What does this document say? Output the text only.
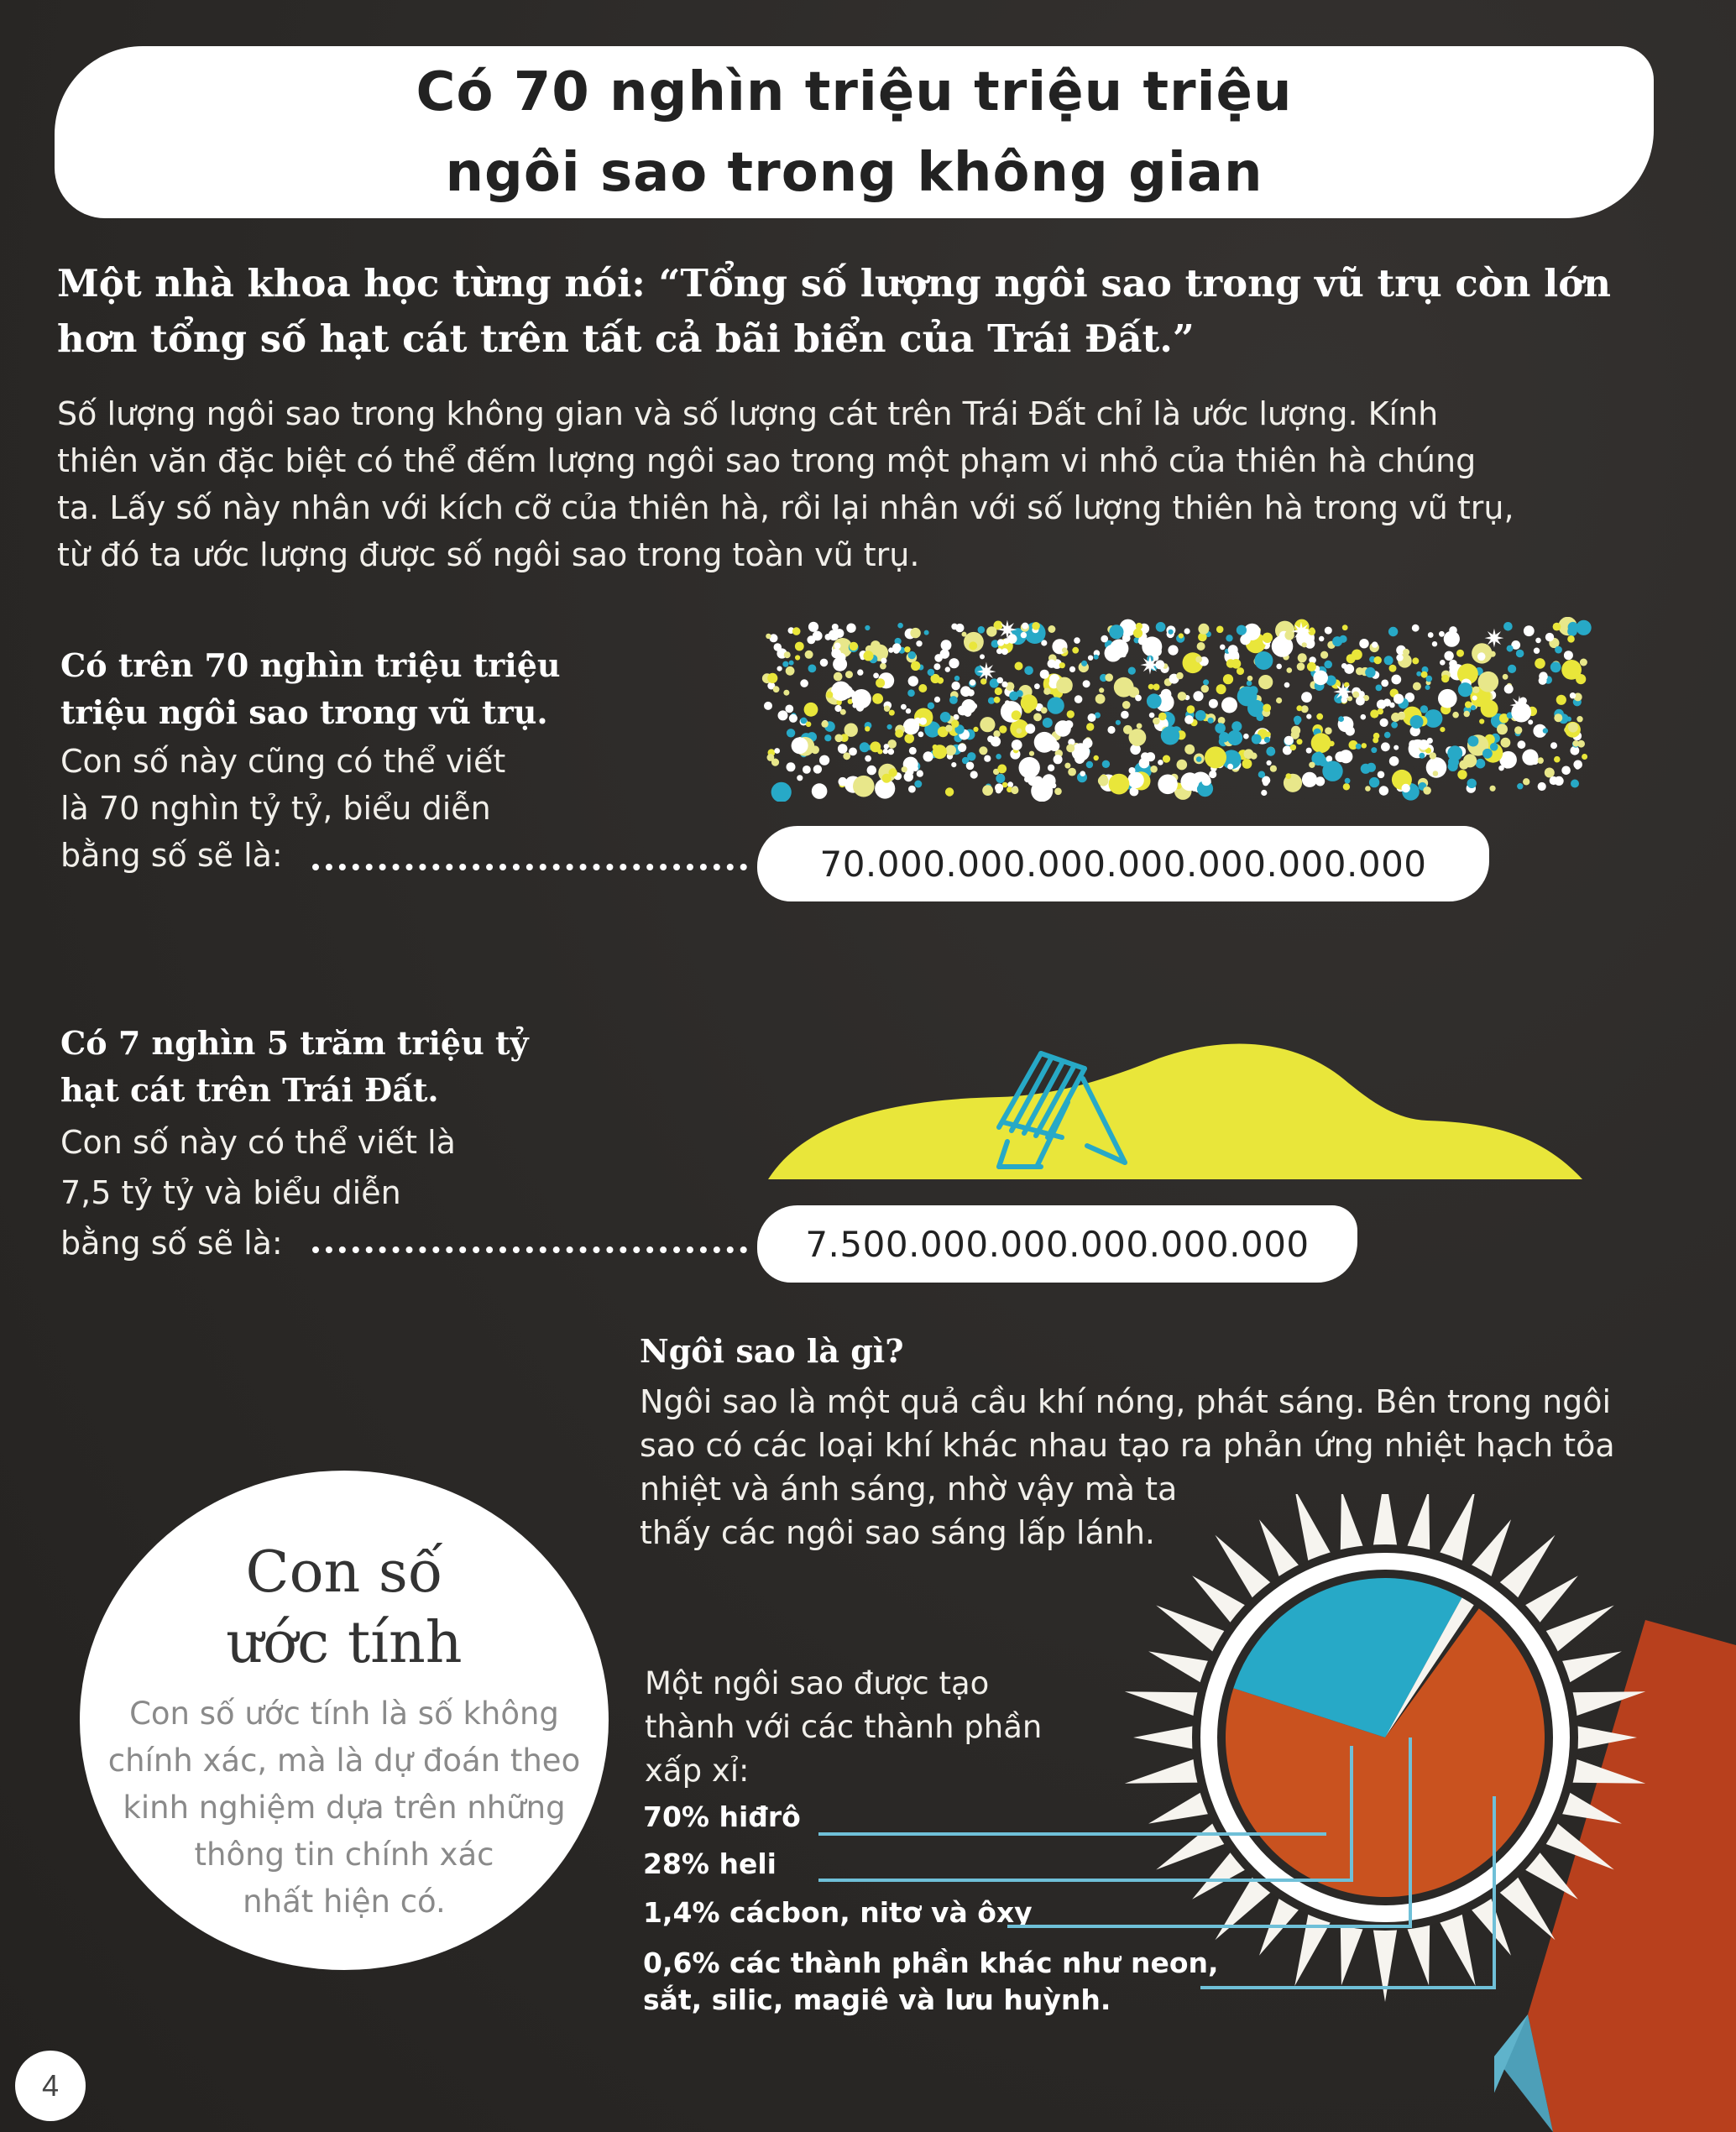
Có 70 nghìn triệu triệu triệu
ngôi sao trong không gian
Một nhà khoa học từng nói: “Tổng số lượng ngôi sao trong vũ trụ còn lớn
hơn tổng số hạt cát trên tất cả bãi biển của Trái Đất.”
Số lượng ngôi sao trong không gian và số lượng cát trên Trái Đất chỉ là ước lượng. Kính
thiên văn đặc biệt có thể đếm lượng ngôi sao trong một phạm vi nhỏ của thiên hà chúng
ta. Lấy số này nhân với kích cỡ của thiên hà, rồi lại nhân với số lượng thiên hà trong vũ trụ,
từ đó ta ước lượng được số ngôi sao trong toàn vũ trụ.
Có trên 70 nghìn triệu triệu
triệu ngôi sao trong vũ trụ.
Con số này cũng có thể viết
là 70 nghìn tỷ tỷ, biểu diễn
bằng số sẽ là:
✷
✷
✷	✷
✷	✷
✷
70.000.000.000.000.000.000.000
Có 7 nghìn 5 trăm triệu tỷ
hạt cát trên Trái Đất.
Con số này có thể viết là
7,5 tỷ tỷ và biểu diễn
bằng số sẽ là:	7.500.000.000.000.000.000
Ngôi sao là gì?
Ngôi sao là một quả cầu khí nóng, phát sáng. Bên trong ngôi
sao có các loại khí khác nhau tạo ra phản ứng nhiệt hạch tỏa
nhiệt và ánh sáng, nhờ vậy mà ta
thấy các ngôi sao sáng lấp lánh.
Một ngôi sao được tạo
thành với các thành phần
xấp xỉ:
70% hiđrô
28% heli
1,4% cácbon, nitơ và ôxy
0,6% các thành phần khác như neon,
sắt, silic, magiê và lưu huỳnh.
Con số
ước tính
Con số ước tính là số không
chính xác, mà là dự đoán theo
kinh nghiệm dựa trên những
thông tin chính xác
nhất hiện có.
4
